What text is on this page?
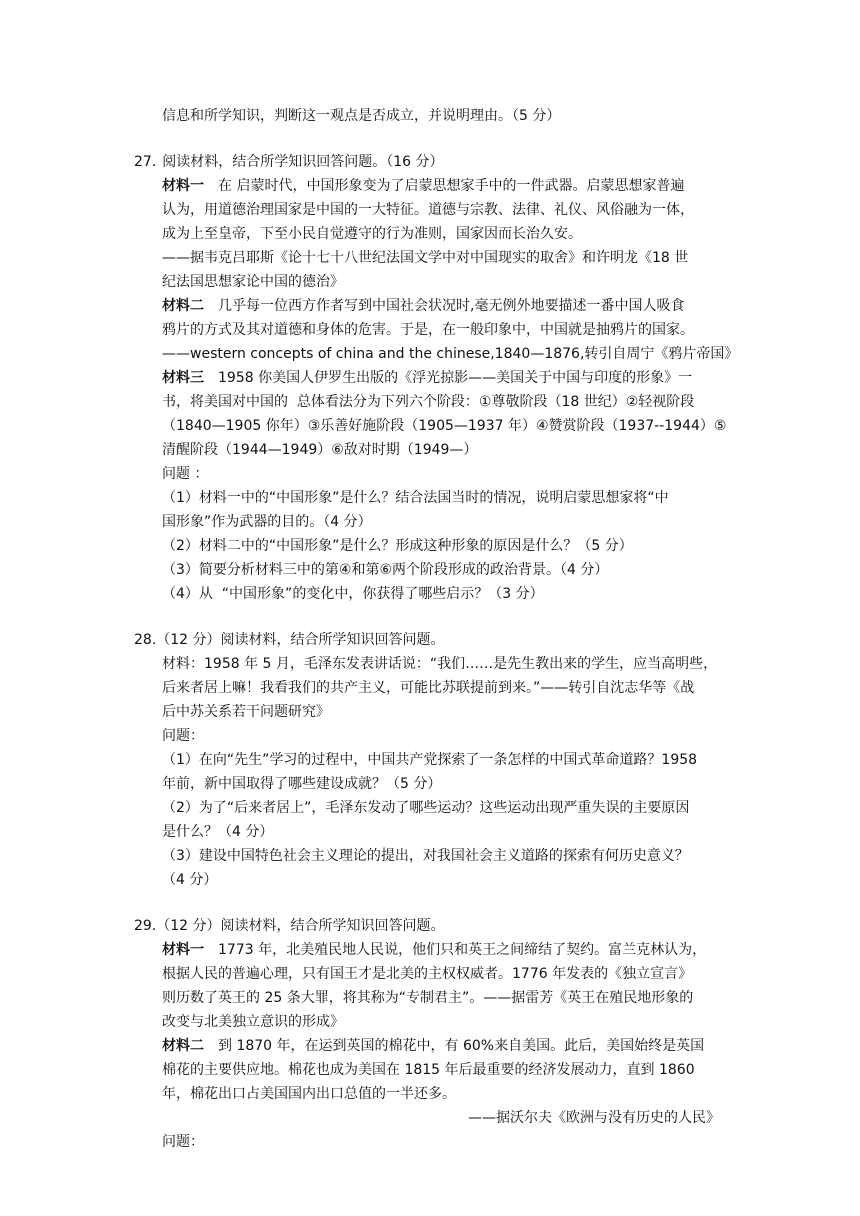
信息和所学知识，判断这一观点是否成立，并说明理由。（5 分）
27. 阅读材料，结合所学知识回答问题。（16 分）
材料一 在 启蒙时代，中国形象变为了启蒙思想家手中的一件武器。启蒙思想家普遍
认为，用道德治理国家是中国的一大特征。道德与宗教、法律、礼仪、风俗融为一体，
成为上至皇帝，下至小民自觉遵守的行为准则，国家因而长治久安。
——据韦克吕耶斯《论十七十八世纪法国文学中对中国现实的取舍》和许明龙《18 世
纪法国思想家论中国的德治》
材料二 几乎每一位西方作者写到中国社会状况时,毫无例外地要描述一番中国人吸食
鸦片的方式及其对道德和身体的危害。于是，在一般印象中，中国就是抽鸦片的国家。
——western concepts of china and the chinese,1840—1876,转引自周宁《鸦片帝国》
材料三 1958 你美国人伊罗生出版的《浮光掠影——美国关于中国与印度的形象》一
书，将美国对中国的  总体看法分为下列六个阶段：①尊敬阶段（18 世纪）②轻视阶段
（1840—1905 你年）③乐善好施阶段（1905—1937 年）④赞赏阶段（1937--1944）⑤
清醒阶段（1944—1949）⑥敌对时期（1949—）
问题 ：
（1）材料一中的“中国形象”是什么？结合法国当时的情况，说明启蒙思想家将“中
国形象”作为武器的目的。（4 分）
（2）材料二中的“中国形象”是什么？形成这种形象的原因是什么？（5 分）
（3）简要分析材料三中的第④和第⑥两个阶段形成的政治背景。（4 分）
（4）从  “中国形象”的变化中，你获得了哪些启示？（3 分）
28.（12 分）阅读材料，结合所学知识回答问题。
材料：1958 年 5 月，毛泽东发表讲话说：“我们……是先生教出来的学生，应当高明些，
后来者居上嘛！我看我们的共产主义，可能比苏联提前到来。”——转引自沈志华等《战
后中苏关系若干问题研究》
问题：
（1）在向“先生”学习的过程中，中国共产党探索了一条怎样的中国式革命道路？1958
年前，新中国取得了哪些建设成就？（5 分）
（2）为了“后来者居上”，毛泽东发动了哪些运动？这些运动出现严重失误的主要原因
是什么？（4 分）
（3）建设中国特色社会主义理论的提出，对我国社会主义道路的探索有何历史意义？
（4 分）
29.（12 分）阅读材料，结合所学知识回答问题。
材料一 1773 年，北美殖民地人民说，他们只和英王之间缔结了契约。富兰克林认为，
根据人民的普遍心理，只有国王才是北美的主权权威者。1776 年发表的《独立宣言》
则历数了英王的 25 条大罪，将其称为“专制君主”。——据雷芳《英王在殖民地形象的
改变与北美独立意识的形成》
材料二 到 1870 年，在运到英国的棉花中，有 60%来自美国。此后，美国始终是英国
棉花的主要供应地。棉花也成为美国在 1815 年后最重要的经济发展动力，直到 1860
年，棉花出口占美国国内出口总值的一半还多。
——据沃尔夫《欧洲与没有历史的人民》
问题：
